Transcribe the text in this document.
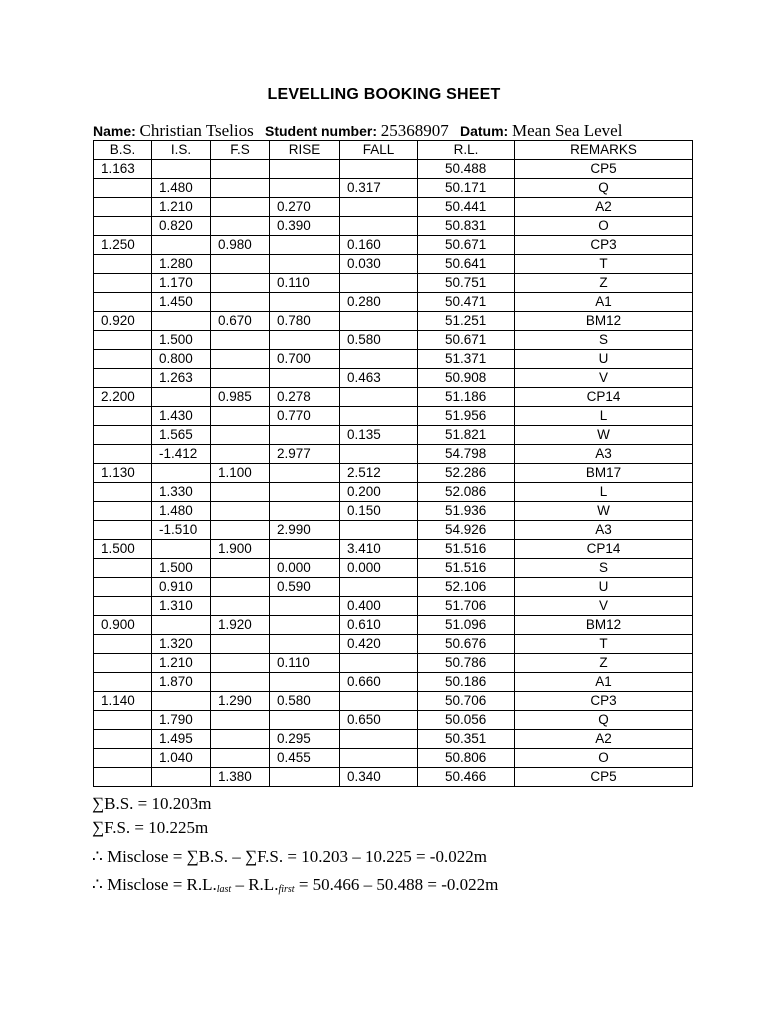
LEVELLING BOOKING SHEET
Name: Christian Tselios Student number: 25368907 Datum: Mean Sea Level
B.S.	I.S.	F.S	RISE	FALL	R.L.	REMARKS
1.163					50.488	CP5
	1.480			0.317	50.171	Q
	1.210		0.270		50.441	A2
	0.820		0.390		50.831	O
1.250		0.980		0.160	50.671	CP3
	1.280			0.030	50.641	T
	1.170		0.110		50.751	Z
	1.450			0.280	50.471	A1
0.920		0.670	0.780		51.251	BM12
	1.500			0.580	50.671	S
	0.800		0.700		51.371	U
	1.263			0.463	50.908	V
2.200		0.985	0.278		51.186	CP14
	1.430		0.770		51.956	L
	1.565			0.135	51.821	W
	-1.412		2.977		54.798	A3
1.130		1.100		2.512	52.286	BM17
	1.330			0.200	52.086	L
	1.480			0.150	51.936	W
	-1.510		2.990		54.926	A3
1.500		1.900		3.410	51.516	CP14
	1.500		0.000	0.000	51.516	S
	0.910		0.590		52.106	U
	1.310			0.400	51.706	V
0.900		1.920		0.610	51.096	BM12
	1.320			0.420	50.676	T
	1.210		0.110		50.786	Z
	1.870			0.660	50.186	A1
1.140		1.290	0.580		50.706	CP3
	1.790			0.650	50.056	Q
	1.495		0.295		50.351	A2
	1.040		0.455		50.806	O
		1.380		0.340	50.466	CP5
∑B.S. = 10.203m
∑F.S. = 10.225m
∴ Misclose = ∑B.S. – ∑F.S. = 10.203 – 10.225 = -0.022m
∴ Misclose = $R.L._{last} - R.L._{first} = 50.466 - 50.488 = -0.022m$
